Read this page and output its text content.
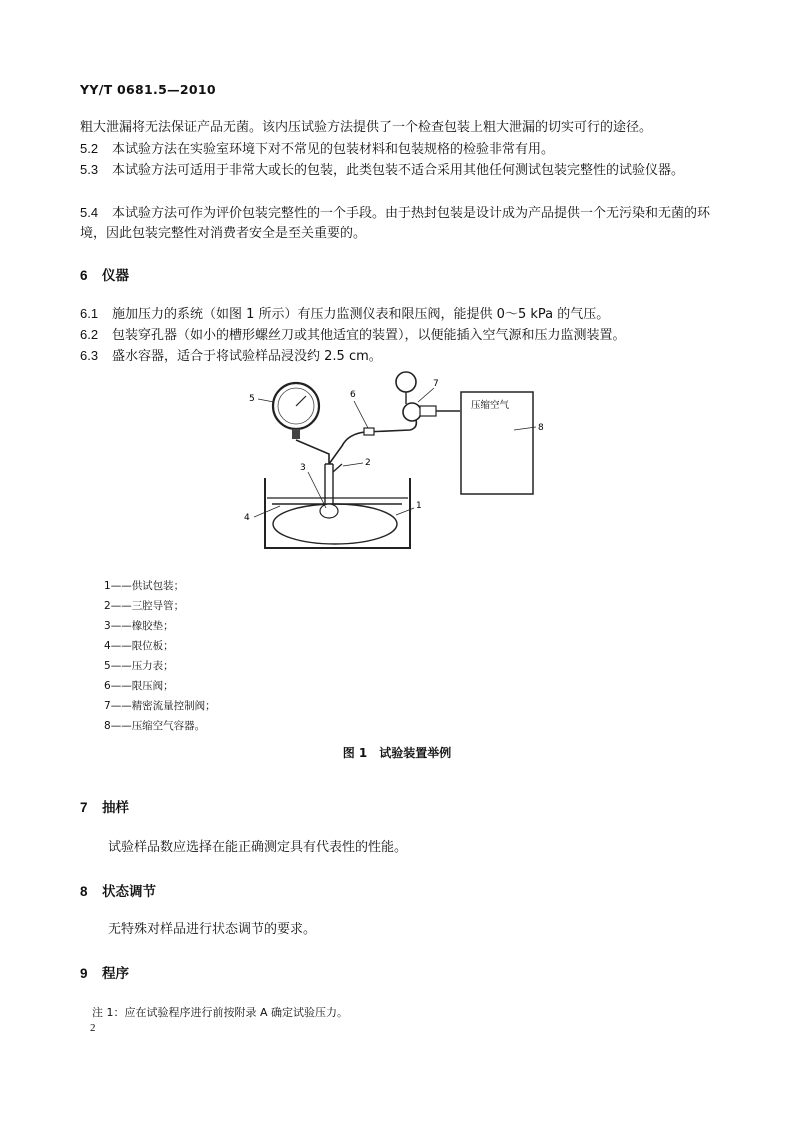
YY/T 0681.5—2010
粗大泄漏将无法保证产品无菌。该内压试验方法提供了一个检查包装上粗大泄漏的切实可行的途径。
5.2 本试验方法在实验室环境下对不常见的包装材料和包装规格的检验非常有用。
5.3 本试验方法可适用于非常大或长的包装，此类包装不适合采用其他任何测试包装完整性的试验仪器。
5.4 本试验方法可作为评价包装完整性的一个手段。由于热封包装是设计成为产品提供一个无污染和无菌的环境，因此包装完整性对消费者安全是至关重要的。
6 仪器
6.1 施加压力的系统（如图 1 所示）有压力监测仪表和限压阀，能提供 0～5 kPa 的气压。
6.2 包装穿孔器（如小的槽形螺丝刀或其他适宜的装置），以便能插入空气源和压力监测装置。
6.3 盛水容器，适合于将试验样品浸没约 2.5 cm。
压缩空气
1
2
3
4
5	6
7
8
1——供试包装；
2——三腔导管；
3——橡胶垫；
4——限位板；
5——压力表；
6——限压阀；
7——精密流量控制阀；
8——压缩空气容器。
图 1　试验装置举例
7 抽样
试验样品数应选择在能正确测定具有代表性的性能。
8 状态调节
无特殊对样品进行状态调节的要求。
9 程序
注 1：应在试验程序进行前按附录 A 确定试验压力。
2
